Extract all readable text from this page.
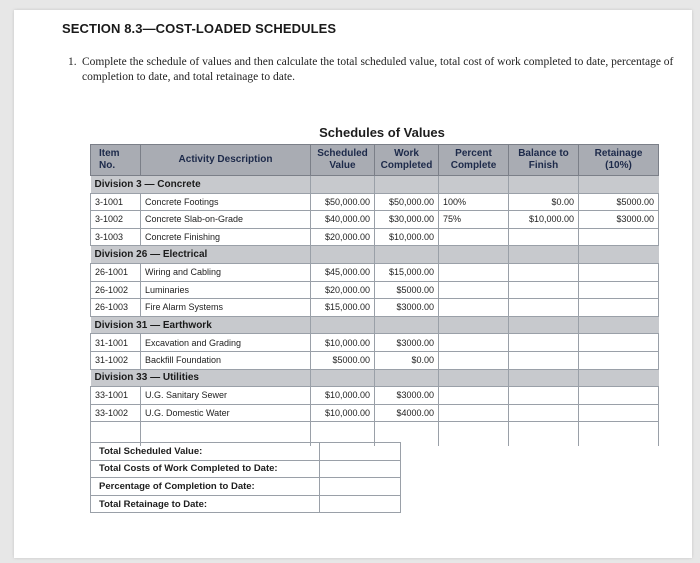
SECTION 8.3—COST-LOADED SCHEDULES
1. Complete the schedule of values and then calculate the total scheduled value, total cost of work completed to date, percentage of completion to date, and total retainage to date.
Schedules of Values
Item No.	Activity Description	Scheduled Value	Work Completed	Percent Complete	Balance to Finish	Retainage (10%)
Division 3 — Concrete						
3-1001	Concrete Footings	$50,000.00	$50,000.00	100%	$0.00	$5000.00
3-1002	Concrete Slab-on-Grade	$40,000.00	$30,000.00	75%	$10,000.00	$3000.00
3-1003	Concrete Finishing	$20,000.00	$10,000.00			
Division 26 — Electrical						
26-1001	Wiring and Cabling	$45,000.00	$15,000.00			
26-1002	Luminaries	$20,000.00	$5000.00			
26-1003	Fire Alarm Systems	$15,000.00	$3000.00			
Division 31 — Earthwork						
31-1001	Excavation and Grading	$10,000.00	$3000.00			
31-1002	Backfill Foundation	$5000.00	$0.00			
Division 33 — Utilities						
33-1001	U.G. Sanitary Sewer	$10,000.00	$3000.00			
33-1002	U.G. Domestic Water	$10,000.00	$4000.00			

Total Scheduled Value:	
Total Costs of Work Completed to Date:	
Percentage of Completion to Date:	
Total Retainage to Date:	
